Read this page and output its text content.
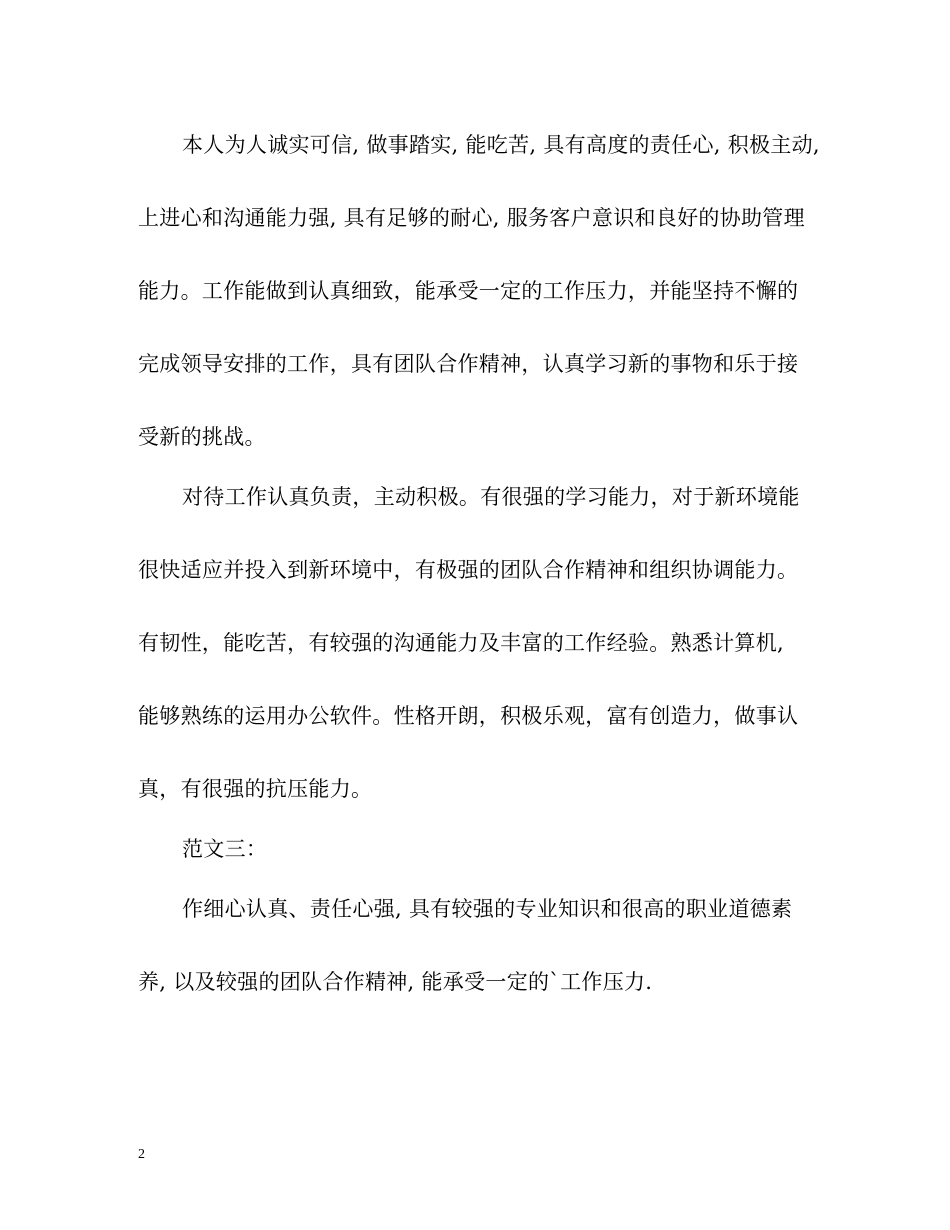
本人为人诚实可信, 做事踏实, 能吃苦, 具有高度的责任心, 积极主动,
上进心和沟通能力强, 具有足够的耐心, 服务客户意识和良好的协助管理
能力。工作能做到认真细致，能承受一定的工作压力，并能坚持不懈的
完成领导安排的工作，具有团队合作精神，认真学习新的事物和乐于接
受新的挑战。
对待工作认真负责，主动积极。有很强的学习能力，对于新环境能
很快适应并投入到新环境中，有极强的团队合作精神和组织协调能力。
有韧性，能吃苦，有较强的沟通能力及丰富的工作经验。熟悉计算机,
能够熟练的运用办公软件。性格开朗，积极乐观，富有创造力，做事认
真，有很强的抗压能力。
范文三：
作细心认真、责任心强, 具有较强的专业知识和很高的职业道德素
养, 以及较强的团队合作精神, 能承受一定的`工作压力.
2
